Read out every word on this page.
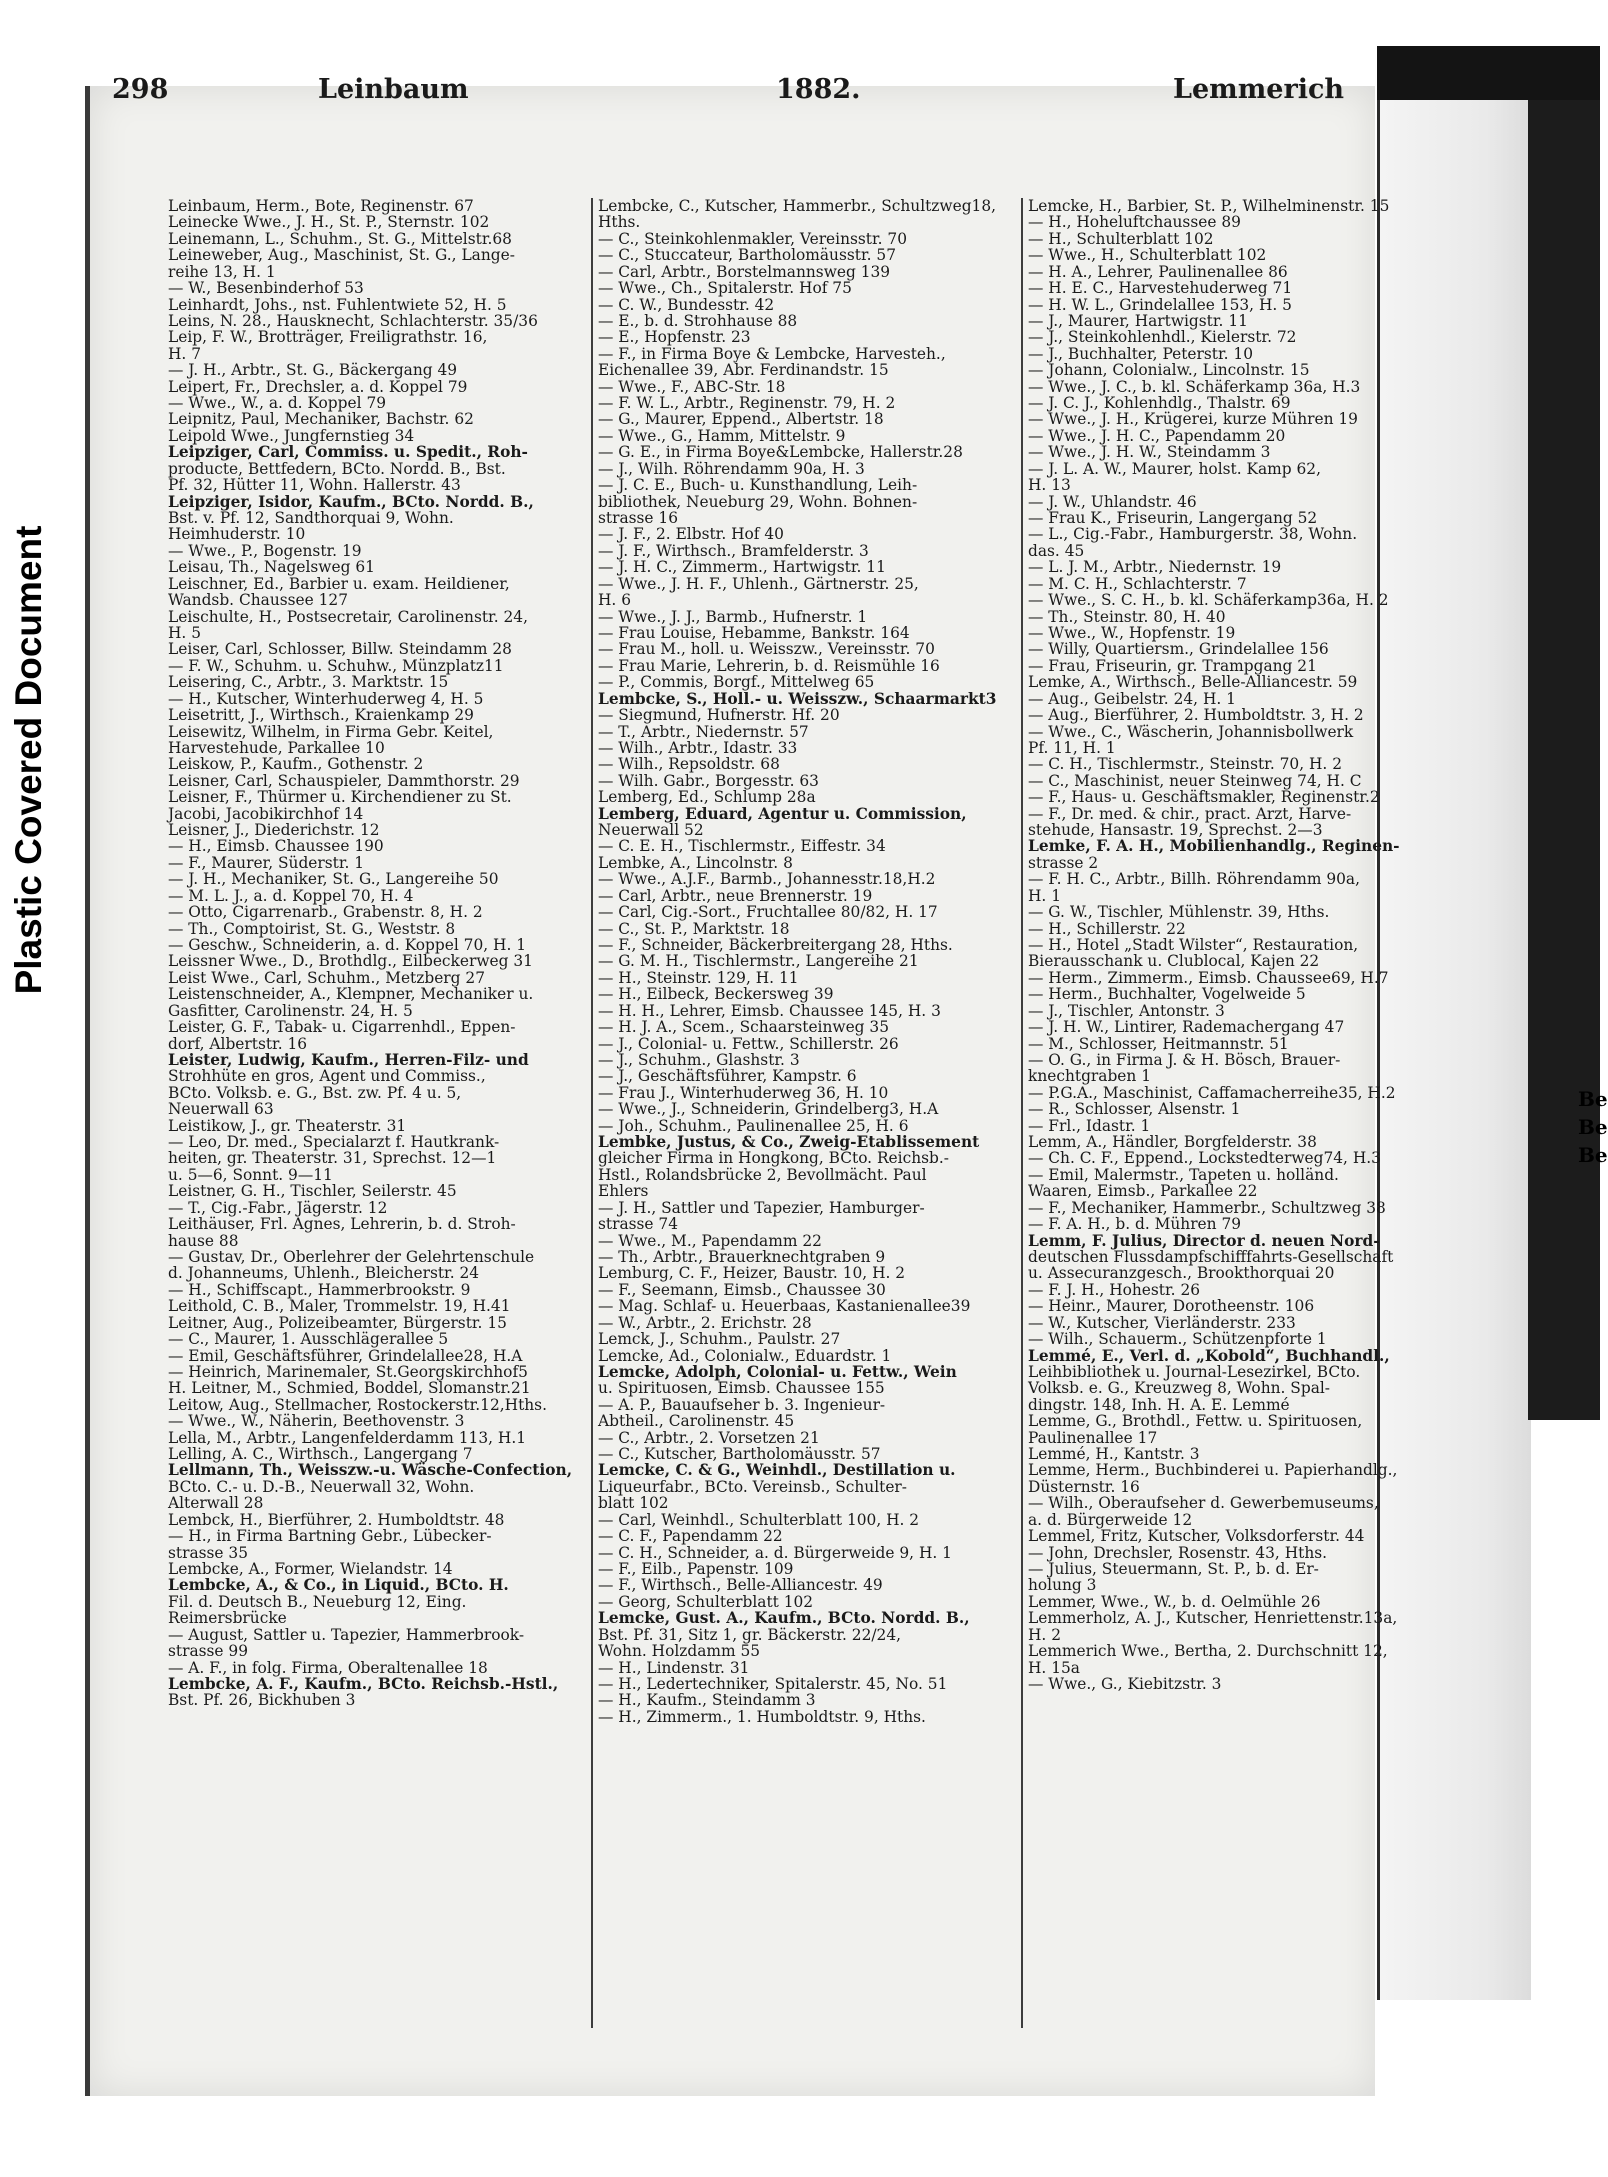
Be
Be
Be
Plastic Covered Document
298	Leinbaum	1882.	Lemmerich
Leinbaum, Herm., Bote, Reginenstr. 67
Leinecke Wwe., J. H., St. P., Sternstr. 102
Leinemann, L., Schuhm., St. G., Mittelstr.68
Leineweber, Aug., Maschinist, St. G., Lange-
reihe 13, H. 1
— W., Besenbinderhof 53
Leinhardt, Johs., nst. Fuhlentwiete 52, H. 5
Leins, N. 28., Hausknecht, Schlachterstr. 35/36
Leip, F. W., Brotträger, Freiligrathstr. 16,
H. 7
— J. H., Arbtr., St. G., Bäckergang 49
Leipert, Fr., Drechsler, a. d. Koppel 79
— Wwe., W., a. d. Koppel 79
Leipnitz, Paul, Mechaniker, Bachstr. 62
Leipold Wwe., Jungfernstieg 34
Leipziger, Carl, Commiss. u. Spedit., Roh-
producte, Bettfedern, BCto. Nordd. B., Bst.
Pf. 32, Hütter 11, Wohn. Hallerstr. 43
Leipziger, Isidor, Kaufm., BCto. Nordd. B.,
Bst. v. Pf. 12, Sandthorquai 9, Wohn.
Heimhuderstr. 10
— Wwe., P., Bogenstr. 19
Leisau, Th., Nagelsweg 61
Leischner, Ed., Barbier u. exam. Heildiener,
Wandsb. Chaussee 127
Leischulte, H., Postsecretair, Carolinenstr. 24,
H. 5
Leiser, Carl, Schlosser, Billw. Steindamm 28
— F. W., Schuhm. u. Schuhw., Münzplatz11
Leisering, C., Arbtr., 3. Marktstr. 15
— H., Kutscher, Winterhuderweg 4, H. 5
Leisetritt, J., Wirthsch., Kraienkamp 29
Leisewitz, Wilhelm, in Firma Gebr. Keitel,
Harvestehude, Parkallee 10
Leiskow, P., Kaufm., Gothenstr. 2
Leisner, Carl, Schauspieler, Dammthorstr. 29
Leisner, F., Thürmer u. Kirchendiener zu St.
Jacobi, Jacobikirchhof 14
Leisner, J., Diederichstr. 12
— H., Eimsb. Chaussee 190
— F., Maurer, Süderstr. 1
— J. H., Mechaniker, St. G., Langereihe 50
— M. L. J., a. d. Koppel 70, H. 4
— Otto, Cigarrenarb., Grabenstr. 8, H. 2
— Th., Comptoirist, St. G., Weststr. 8
— Geschw., Schneiderin, a. d. Koppel 70, H. 1
Leissner Wwe., D., Brothdlg., Eilbeckerweg 31
Leist Wwe., Carl, Schuhm., Metzberg 27
Leistenschneider, A., Klempner, Mechaniker u.
Gasfitter, Carolinenstr. 24, H. 5
Leister, G. F., Tabak- u. Cigarrenhdl., Eppen-
dorf, Albertstr. 16
Leister, Ludwig, Kaufm., Herren-Filz- und
Strohhüte en gros, Agent und Commiss.,
BCto. Volksb. e. G., Bst. zw. Pf. 4 u. 5,
Neuerwall 63
Leistikow, J., gr. Theaterstr. 31
— Leo, Dr. med., Specialarzt f. Hautkrank-
heiten, gr. Theaterstr. 31, Sprechst. 12—1
u. 5—6, Sonnt. 9—11
Leistner, G. H., Tischler, Seilerstr. 45
— T., Cig.-Fabr., Jägerstr. 12
Leithäuser, Frl. Agnes, Lehrerin, b. d. Stroh-
hause 88
— Gustav, Dr., Oberlehrer der Gelehrtenschule
d. Johanneums, Uhlenh., Bleicherstr. 24
— H., Schiffscapt., Hammerbrookstr. 9
Leithold, C. B., Maler, Trommelstr. 19, H.41
Leitner, Aug., Polizeibeamter, Bürgerstr. 15
— C., Maurer, 1. Ausschlägerallee 5
— Emil, Geschäftsführer, Grindelallee28, H.A
— Heinrich, Marinemaler, St.Georgskirchhof5
H. Leitner, M., Schmied, Boddel, Slomanstr.21
Leitow, Aug., Stellmacher, Rostockerstr.12,Hths.
— Wwe., W., Näherin, Beethovenstr. 3
Lella, M., Arbtr., Langenfelderdamm 113, H.1
Lelling, A. C., Wirthsch., Langergang 7
Lellmann, Th., Weisszw.-u. Wäsche-Confection,
BCto. C.- u. D.-B., Neuerwall 32, Wohn.
Alterwall 28
Lembck, H., Bierführer, 2. Humboldtstr. 48
— H., in Firma Bartning Gebr., Lübecker-
strasse 35
Lembcke, A., Former, Wielandstr. 14
Lembcke, A., & Co., in Liquid., BCto. H.
Fil. d. Deutsch B., Neueburg 12, Eing.
Reimersbrücke
— August, Sattler u. Tapezier, Hammerbrook-
strasse 99
— A. F., in folg. Firma, Oberaltenallee 18
Lembcke, A. F., Kaufm., BCto. Reichsb.-Hstl.,
Bst. Pf. 26, Bickhuben 3
Lembcke, C., Kutscher, Hammerbr., Schultzweg18,
Hths.
— C., Steinkohlenmakler, Vereinsstr. 70
— C., Stuccateur, Bartholomäusstr. 57
— Carl, Arbtr., Borstelmannsweg 139
— Wwe., Ch., Spitalerstr. Hof 75
— C. W., Bundesstr. 42
— E., b. d. Strohhause 88
— E., Hopfenstr. 23
— F., in Firma Boye & Lembcke, Harvesteh.,
Eichenallee 39, Abr. Ferdinandstr. 15
— Wwe., F., ABC-Str. 18
— F. W. L., Arbtr., Reginenstr. 79, H. 2
— G., Maurer, Eppend., Albertstr. 18
— Wwe., G., Hamm, Mittelstr. 9
— G. E., in Firma Boye&Lembcke, Hallerstr.28
— J., Wilh. Röhrendamm 90a, H. 3
— J. C. E., Buch- u. Kunsthandlung, Leih-
bibliothek, Neueburg 29, Wohn. Bohnen-
strasse 16
— J. F., 2. Elbstr. Hof 40
— J. F., Wirthsch., Bramfelderstr. 3
— J. H. C., Zimmerm., Hartwigstr. 11
— Wwe., J. H. F., Uhlenh., Gärtnerstr. 25,
H. 6
— Wwe., J. J., Barmb., Hufnerstr. 1
— Frau Louise, Hebamme, Bankstr. 164
— Frau M., holl. u. Weisszw., Vereinsstr. 70
— Frau Marie, Lehrerin, b. d. Reismühle 16
— P., Commis, Borgf., Mittelweg 65
Lembcke, S., Holl.- u. Weisszw., Schaarmarkt3
— Siegmund, Hufnerstr. Hf. 20
— T., Arbtr., Niedernstr. 57
— Wilh., Arbtr., Idastr. 33
— Wilh., Repsoldstr. 68
— Wilh. Gabr., Borgesstr. 63
Lemberg, Ed., Schlump 28a
Lemberg, Eduard, Agentur u. Commission,
Neuerwall 52
— C. E. H., Tischlermstr., Eiffestr. 34
Lembke, A., Lincolnstr. 8
— Wwe., A.J.F., Barmb., Johannesstr.18,H.2
— Carl, Arbtr., neue Brennerstr. 19
— Carl, Cig.-Sort., Fruchtallee 80/82, H. 17
— C., St. P., Marktstr. 18
— F., Schneider, Bäckerbreitergang 28, Hths.
— G. M. H., Tischlermstr., Langereihe 21
— H., Steinstr. 129, H. 11
— H., Eilbeck, Beckersweg 39
— H. H., Lehrer, Eimsb. Chaussee 145, H. 3
— H. J. A., Scem., Schaarsteinweg 35
— J., Colonial- u. Fettw., Schillerstr. 26
— J., Schuhm., Glashstr. 3
— J., Geschäftsführer, Kampstr. 6
— Frau J., Winterhuderweg 36, H. 10
— Wwe., J., Schneiderin, Grindelberg3, H.A
— Joh., Schuhm., Paulinenallee 25, H. 6
Lembke, Justus, & Co., Zweig-Etablissement
gleicher Firma in Hongkong, BCto. Reichsb.-
Hstl., Rolandsbrücke 2, Bevollmächt. Paul
Ehlers
— J. H., Sattler und Tapezier, Hamburger-
strasse 74
— Wwe., M., Papendamm 22
— Th., Arbtr., Brauerknechtgraben 9
Lemburg, C. F., Heizer, Baustr. 10, H. 2
— F., Seemann, Eimsb., Chaussee 30
— Mag. Schlaf- u. Heuerbaas, Kastanienallee39
— W., Arbtr., 2. Erichstr. 28
Lemck, J., Schuhm., Paulstr. 27
Lemcke, Ad., Colonialw., Eduardstr. 1
Lemcke, Adolph, Colonial- u. Fettw., Wein
u. Spirituosen, Eimsb. Chaussee 155
— A. P., Bauaufseher b. 3. Ingenieur-
Abtheil., Carolinenstr. 45
— C., Arbtr., 2. Vorsetzen 21
— C., Kutscher, Bartholomäusstr. 57
Lemcke, C. & G., Weinhdl., Destillation u.
Liqueurfabr., BCto. Vereinsb., Schulter-
blatt 102
— Carl, Weinhdl., Schulterblatt 100, H. 2
— C. F., Papendamm 22
— C. H., Schneider, a. d. Bürgerweide 9, H. 1
— F., Eilb., Papenstr. 109
— F., Wirthsch., Belle-Alliancestr. 49
— Georg, Schulterblatt 102
Lemcke, Gust. A., Kaufm., BCto. Nordd. B.,
Bst. Pf. 31, Sitz 1, gr. Bäckerstr. 22/24,
Wohn. Holzdamm 55
— H., Lindenstr. 31
— H., Ledertechniker, Spitalerstr. 45, No. 51
— H., Kaufm., Steindamm 3
— H., Zimmerm., 1. Humboldtstr. 9, Hths.
Lemcke, H., Barbier, St. P., Wilhelminenstr. 15
— H., Hoheluftchaussee 89
— H., Schulterblatt 102
— Wwe., H., Schulterblatt 102
— H. A., Lehrer, Paulinenallee 86
— H. E. C., Harvestehuderweg 71
— H. W. L., Grindelallee 153, H. 5
— J., Maurer, Hartwigstr. 11
— J., Steinkohlenhdl., Kielerstr. 72
— J., Buchhalter, Peterstr. 10
— Johann, Colonialw., Lincolnstr. 15
— Wwe., J. C., b. kl. Schäferkamp 36a, H.3
— J. C. J., Kohlenhdlg., Thalstr. 69
— Wwe., J. H., Krügerei, kurze Mühren 19
— Wwe., J. H. C., Papendamm 20
— Wwe., J. H. W., Steindamm 3
— J. L. A. W., Maurer, holst. Kamp 62,
H. 13
— J. W., Uhlandstr. 46
— Frau K., Friseurin, Langergang 52
— L., Cig.-Fabr., Hamburgerstr. 38, Wohn.
das. 45
— L. J. M., Arbtr., Niedernstr. 19
— M. C. H., Schlachterstr. 7
— Wwe., S. C. H., b. kl. Schäferkamp36a, H. 2
— Th., Steinstr. 80, H. 40
— Wwe., W., Hopfenstr. 19
— Willy, Quartiersm., Grindelallee 156
— Frau, Friseurin, gr. Trampgang 21
Lemke, A., Wirthsch., Belle-Alliancestr. 59
— Aug., Geibelstr. 24, H. 1
— Aug., Bierführer, 2. Humboldtstr. 3, H. 2
— Wwe., C., Wäscherin, Johannisbollwerk
Pf. 11, H. 1
— C. H., Tischlermstr., Steinstr. 70, H. 2
— C., Maschinist, neuer Steinweg 74, H. C
— F., Haus- u. Geschäftsmakler, Reginenstr.2
— F., Dr. med. & chir., pract. Arzt, Harve-
stehude, Hansastr. 19, Sprechst. 2—3
Lemke, F. A. H., Mobilienhandlg., Reginen-
strasse 2
— F. H. C., Arbtr., Billh. Röhrendamm 90a,
H. 1
— G. W., Tischler, Mühlenstr. 39, Hths.
— H., Schillerstr. 22
— H., Hotel „Stadt Wilster“, Restauration,
Bierausschank u. Clublocal, Kajen 22
— Herm., Zimmerm., Eimsb. Chaussee69, H.7
— Herm., Buchhalter, Vogelweide 5
— J., Tischler, Antonstr. 3
— J. H. W., Lintirer, Rademachergang 47
— M., Schlosser, Heitmannstr. 51
— O. G., in Firma J. & H. Bösch, Brauer-
knechtgraben 1
— P.G.A., Maschinist, Caffamacherreihe35, H.2
— R., Schlosser, Alsenstr. 1
— Frl., Idastr. 1
Lemm, A., Händler, Borgfelderstr. 38
— Ch. C. F., Eppend., Lockstedterweg74, H.3
— Emil, Malermstr., Tapeten u. holländ.
Waaren, Eimsb., Parkallee 22
— F., Mechaniker, Hammerbr., Schultzweg 38
— F. A. H., b. d. Mühren 79
Lemm, F. Julius, Director d. neuen Nord-
deutschen Flussdampfschifffahrts-Gesellschaft
u. Assecuranzgesch., Brookthorquai 20
— F. J. H., Hohestr. 26
— Heinr., Maurer, Dorotheenstr. 106
— W., Kutscher, Vierländerstr. 233
— Wilh., Schauerm., Schützenpforte 1
Lemmé, E., Verl. d. „Kobold“, Buchhandl.,
Leihbibliothek u. Journal-Lesezirkel, BCto.
Volksb. e. G., Kreuzweg 8, Wohn. Spal-
dingstr. 148, Inh. H. A. E. Lemmé
Lemme, G., Brothdl., Fettw. u. Spirituosen,
Paulinenallee 17
Lemmé, H., Kantstr. 3
Lemme, Herm., Buchbinderei u. Papierhandlg.,
Düsternstr. 16
— Wilh., Oberaufseher d. Gewerbemuseums,
a. d. Bürgerweide 12
Lemmel, Fritz, Kutscher, Volksdorferstr. 44
— John, Drechsler, Rosenstr. 43, Hths.
— Julius, Steuermann, St. P., b. d. Er-
holung 3
Lemmer, Wwe., W., b. d. Oelmühle 26
Lemmerholz, A. J., Kutscher, Henriettenstr.13a,
H. 2
Lemmerich Wwe., Bertha, 2. Durchschnitt 12,
H. 15a
— Wwe., G., Kiebitzstr. 3
